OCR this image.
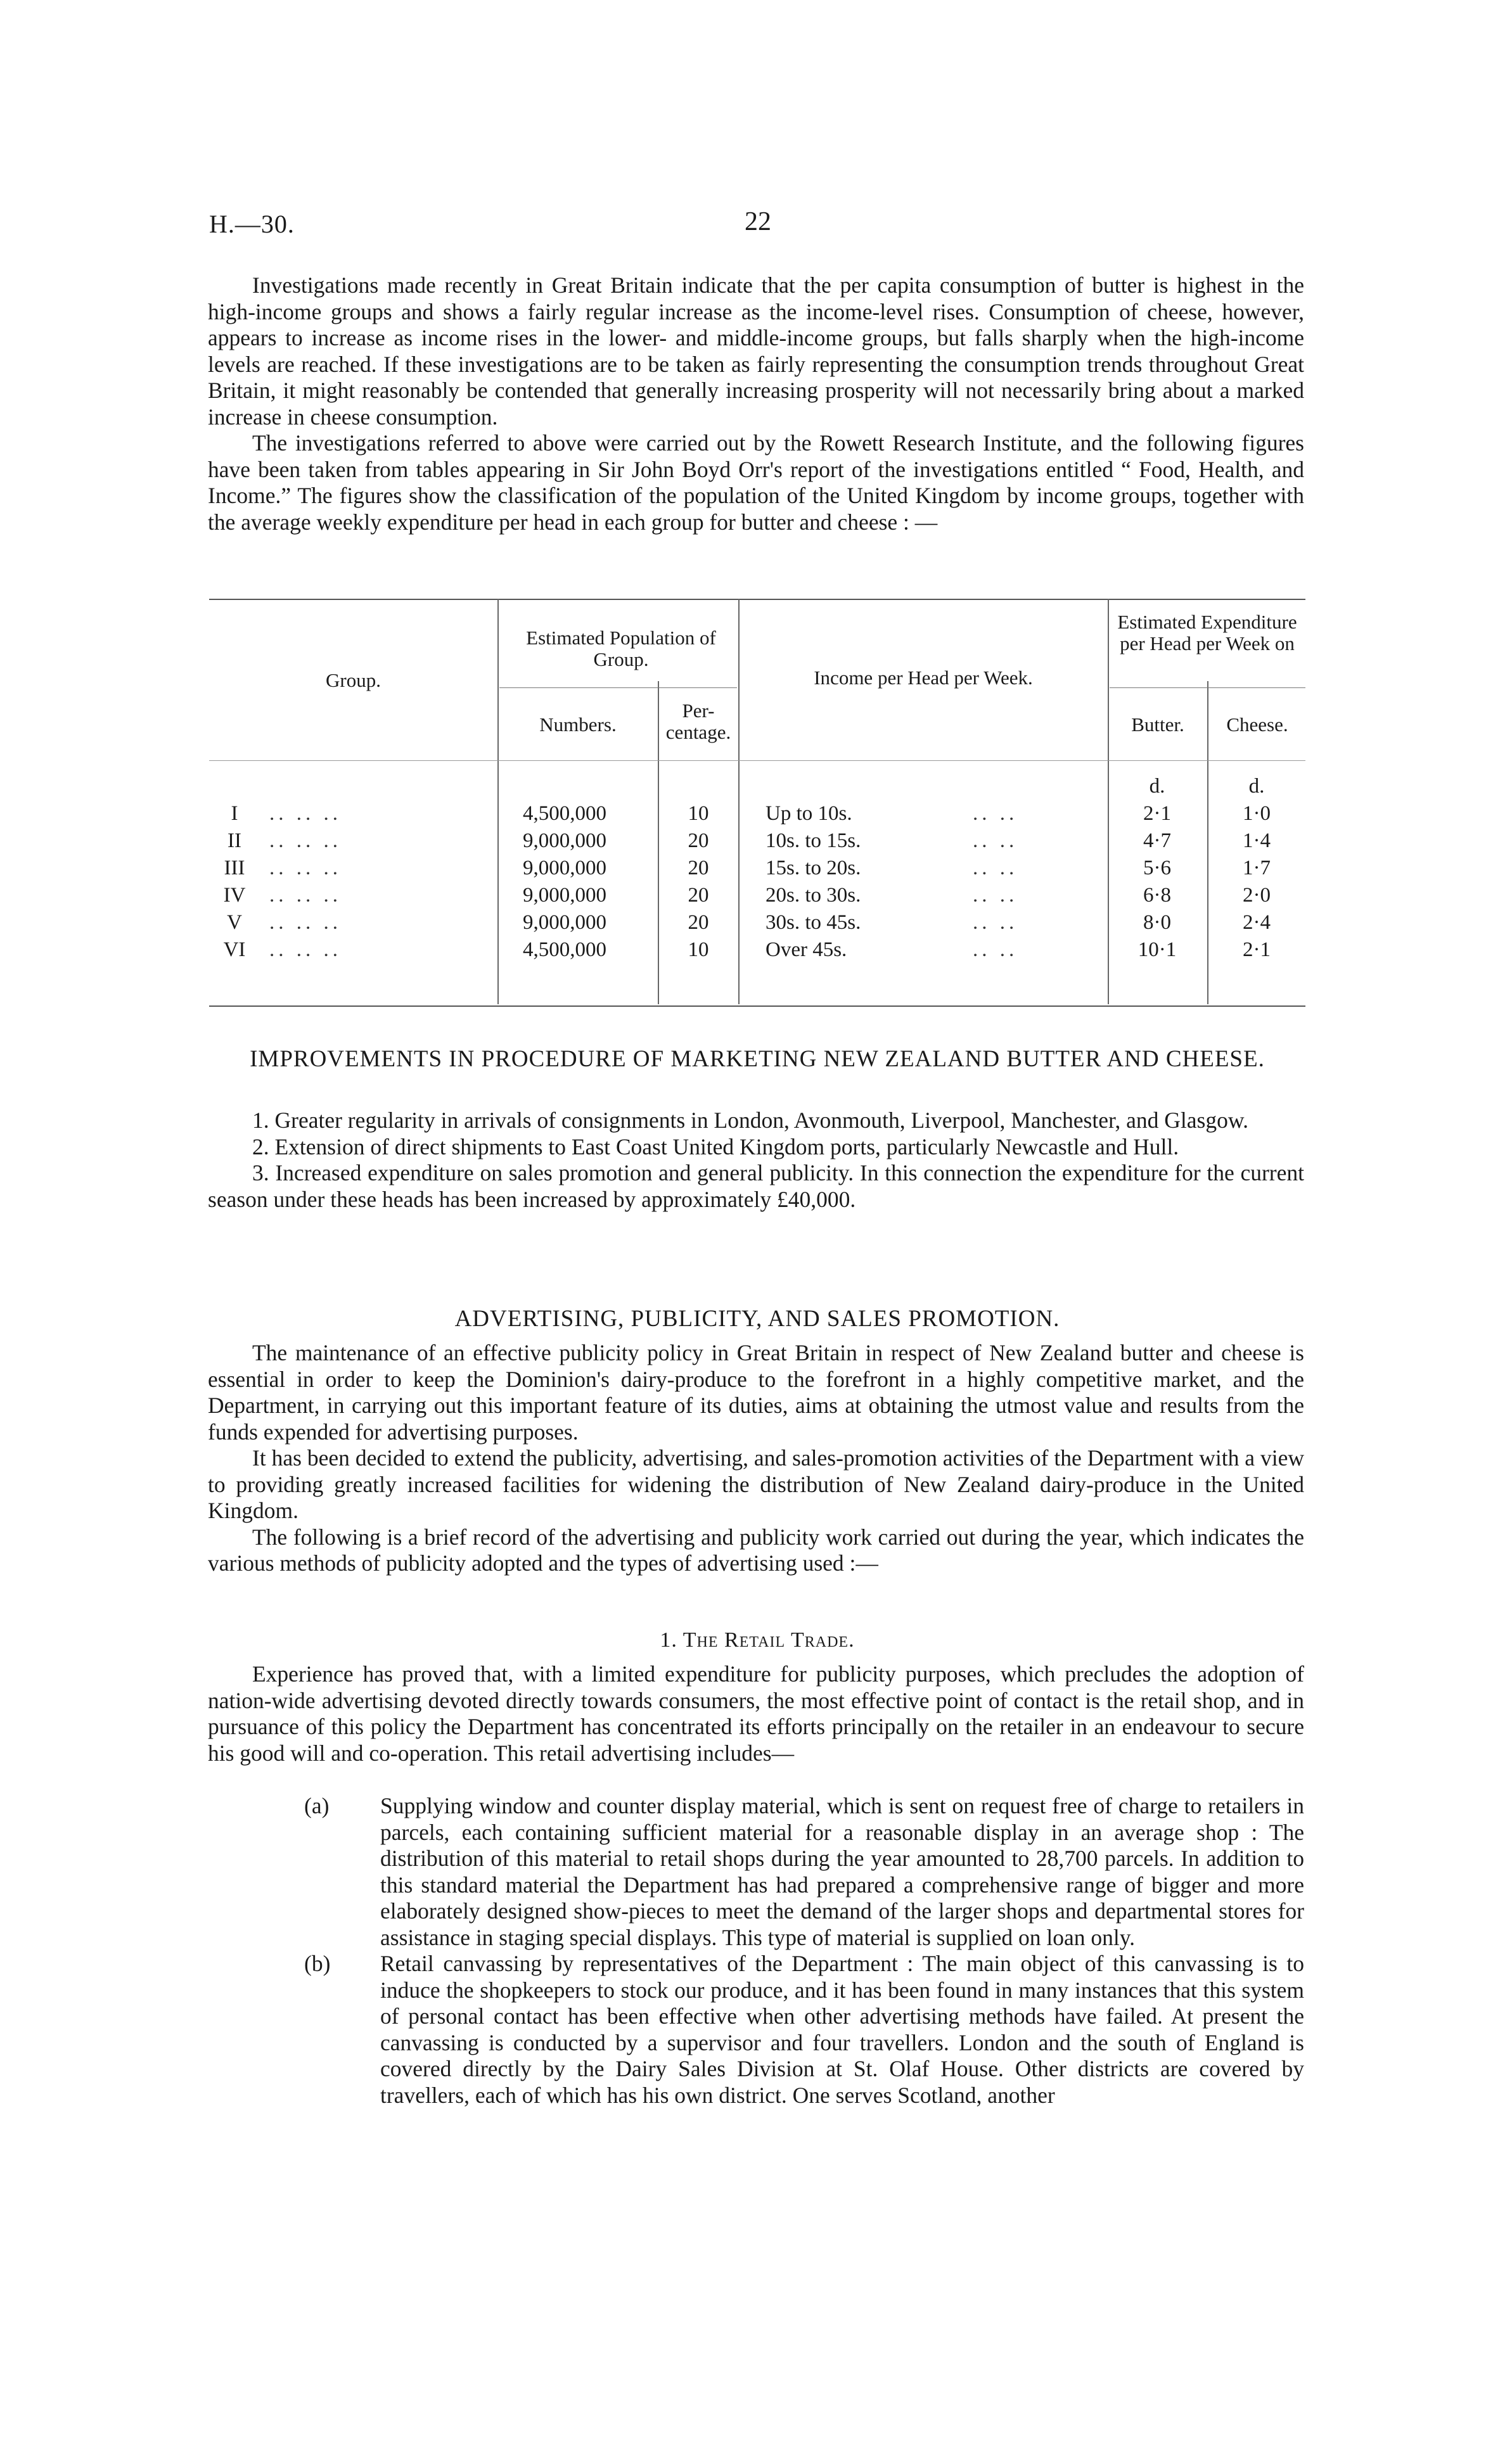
H.—30.	22

Investigations made recently in Great Britain indicate that the per capita consumption of butter is highest in the high-income groups and shows a fairly regular increase as the income-level rises. Consumption of cheese, however, appears to increase as income rises in the lower- and middle-income groups, but falls sharply when the high-income levels are reached. If these investigations are to be taken as fairly representing the consumption trends throughout Great Britain, it might reasonably be contended that generally increasing prosperity will not necessarily bring about a marked increase in cheese consumption.

The investigations referred to above were carried out by the Rowett Research Institute, and the following figures have been taken from tables appearing in Sir John Boyd Orr's report of the investigations entitled “ Food, Health, and Income.” The figures show the classification of the population of the United Kingdom by income groups, together with the average weekly expenditure per head in each group for butter and cheese : —

Group.
Estimated Population of Group.
Numbers.
Per-centage.
Income per Head per Week.
Estimated Expenditure per Head per Week on
Butter.	Cheese.
d.	d.
I	4,500,000	10	Up to 10s.	2·1	1·0
.. .. ..	.. ..
II	9,000,000	20	10s. to 15s.	4·7	1·4
.. .. ..	.. ..
III	9,000,000	20	15s. to 20s.	5·6	1·7
.. .. ..	.. ..
IV	9,000,000	20	20s. to 30s.	6·8	2·0
.. .. ..	.. ..
V	9,000,000	20	30s. to 45s.	8·0	2·4
.. .. ..	.. ..
VI	4,500,000	10	Over 45s.	10·1	2·1
.. .. ..	.. ..
IMPROVEMENTS IN PROCEDURE OF MARKETING NEW ZEALAND BUTTER AND CHEESE.

1. Greater regularity in arrivals of consignments in London, Avonmouth, Liverpool, Manchester, and Glasgow.

2. Extension of direct shipments to East Coast United Kingdom ports, particularly Newcastle and Hull.

3. Increased expenditure on sales promotion and general publicity. In this connection the expenditure for the current season under these heads has been increased by approximately £40,000.

ADVERTISING, PUBLICITY, AND SALES PROMOTION.

The maintenance of an effective publicity policy in Great Britain in respect of New Zealand butter and cheese is essential in order to keep the Dominion's dairy-produce to the forefront in a highly competitive market, and the Department, in carrying out this important feature of its duties, aims at obtaining the utmost value and results from the funds expended for advertising purposes.

It has been decided to extend the publicity, advertising, and sales-promotion activities of the Department with a view to providing greatly increased facilities for widening the distribution of New Zealand dairy-produce in the United Kingdom.

The following is a brief record of the advertising and publicity work carried out during the year, which indicates the various methods of publicity adopted and the types of advertising used :—

1. The Retail Trade.

Experience has proved that, with a limited expenditure for publicity purposes, which precludes the adoption of nation-wide advertising devoted directly towards consumers, the most effective point of contact is the retail shop, and in pursuance of this policy the Department has concentrated its efforts principally on the retailer in an endeavour to secure his good will and co-operation. This retail advertising includes—

(a) Supplying window and counter display material, which is sent on request free of charge to retailers in parcels, each containing sufficient material for a reasonable display in an average shop : The distribution of this material to retail shops during the year amounted to 28,700 parcels. In addition to this standard material the Department has had prepared a comprehensive range of bigger and more elaborately designed show-pieces to meet the demand of the larger shops and departmental stores for assistance in staging special displays. This type of material is supplied on loan only.

(b) Retail canvassing by representatives of the Department : The main object of this canvassing is to induce the shopkeepers to stock our produce, and it has been found in many instances that this system of personal contact has been effective when other advertising methods have failed. At present the canvassing is conducted by a supervisor and four travellers. London and the south of England is covered directly by the Dairy Sales Division at St. Olaf House. Other districts are covered by travellers, each of which has his own district. One serves Scotland, another
